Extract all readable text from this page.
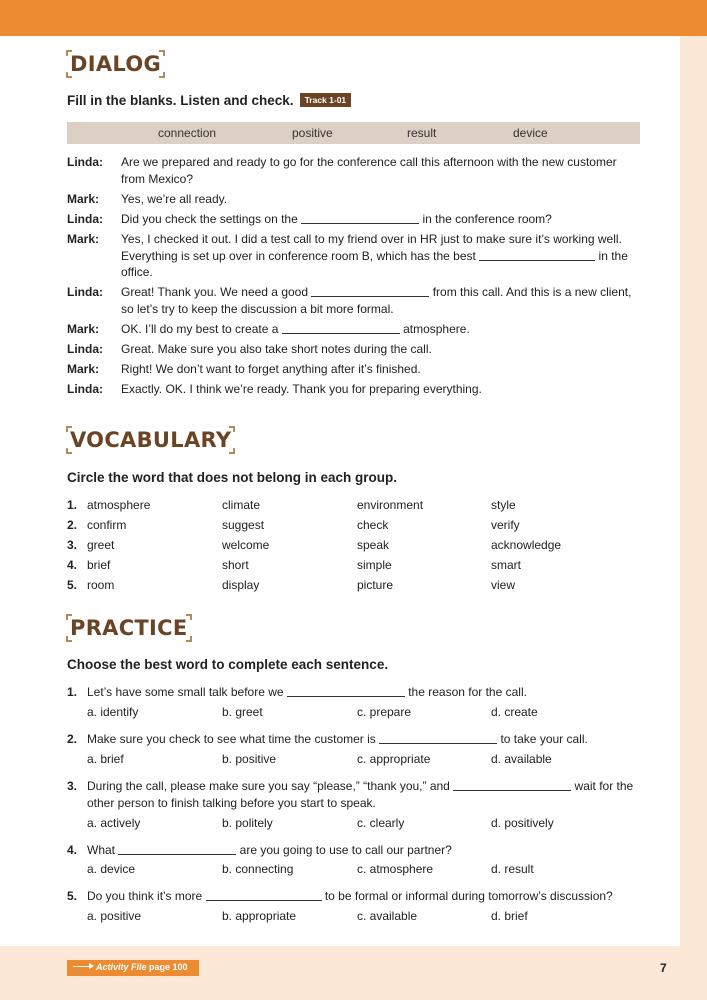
DIALOG
Fill in the blanks. Listen and check. Track 1-01
connection	positive	result	device
Linda: Are we prepared and ready to go for the conference call this afternoon with the new customer from Mexico?
Mark: Yes, we’re all ready.
Linda: Did you check the settings on the	in the conference room?
Mark: Yes, I checked it out. I did a test call to my friend over in HR just to make sure it’s working well. Everything is set up over in conference room B, which has the best	in the office.
Linda: Great! Thank you. We need a good	from this call. And this is a new client, so let’s try to keep the discussion a bit more formal.
Mark: OK. I’ll do my best to create a	atmosphere.
Linda: Great. Make sure you also take short notes during the call.
Mark: Right! We don’t want to forget anything after it’s finished.
Linda: Exactly. OK. I think we’re ready. Thank you for preparing everything.
VOCABULARY
Circle the word that does not belong in each group.
1. atmosphere	climate	environment	style
2. confirm	suggest	check	verify
3. greet	welcome	speak	acknowledge
4. brief	short	simple	smart
5. room	display	picture	view
PRACTICE
Choose the best word to complete each sentence.
1. Let’s have some small talk before we	the reason for the call.
a. identify	b. greet	c. prepare	d. create
2. Make sure you check to see what time the customer is	to take your call.
a. brief	b. positive	c. appropriate	d. available
3. During the call, please make sure you say “please,” “thank you,” and	wait for the other person to finish talking before you start to speak.
a. actively	b. politely	c. clearly	d. positively
4. What	are you going to use to call our partner?
a. device	b. connecting	c. atmosphere	d. result
5. Do you think it’s more	to be formal or informal during tomorrow’s discussion?
a. positive	b. appropriate	c. available	d. brief
Activity File page 100	7
